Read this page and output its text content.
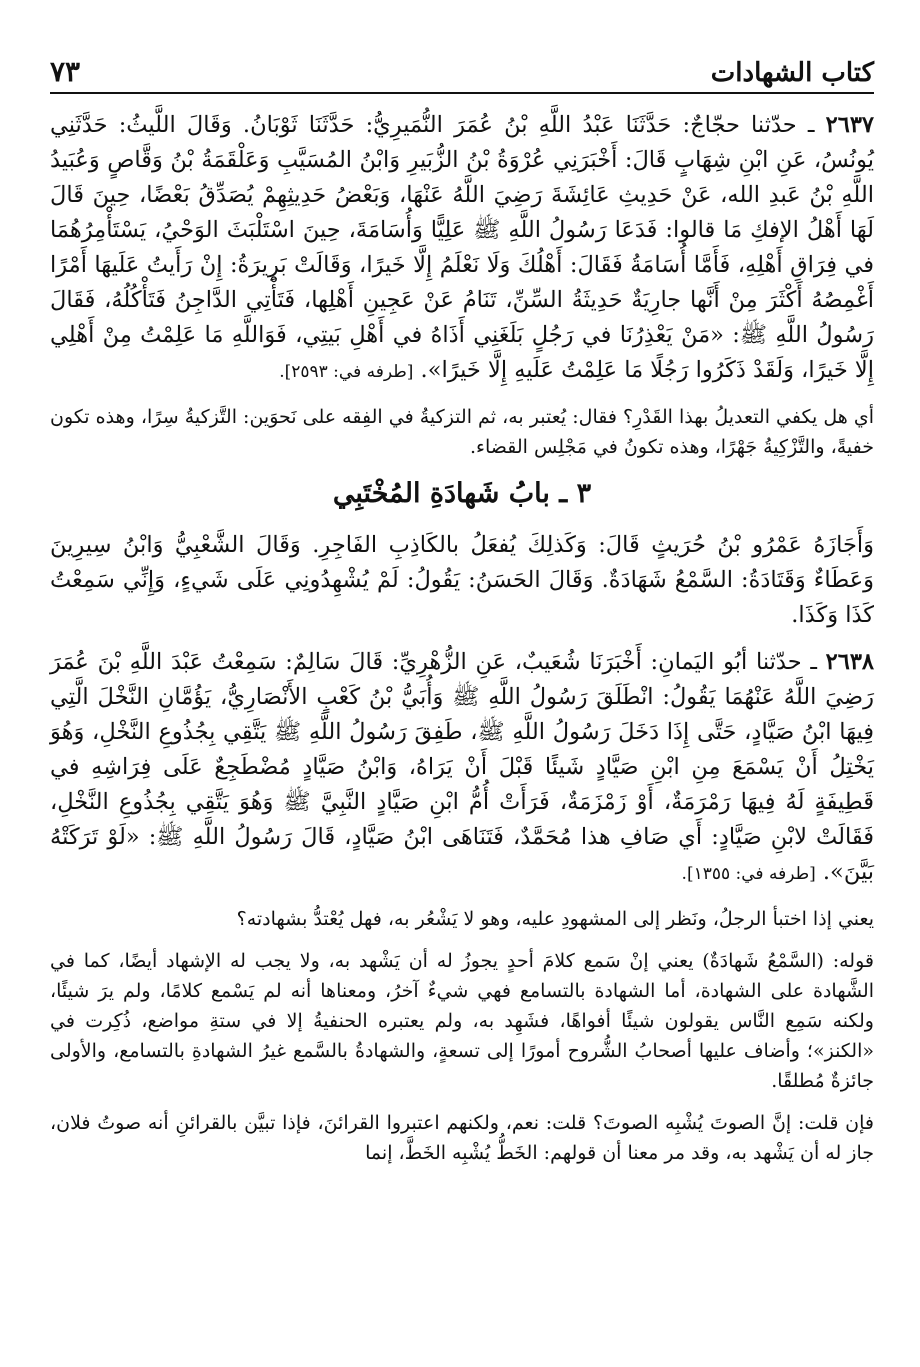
كتاب الشهادات
٧٣

٢٦٣٧ ـ حدّثنا حجّاجٌ: حَدَّثَنَا عَبْدُ اللَّهِ بْنُ عُمَرَ النُّمَيرِيُّ: حَدَّثَنَا ثَوْبَانُ. وَقَالَ اللَّيثُ: حَدَّثَنِي يُونُسُ، عَنِ ابْنِ شِهَابٍ قَالَ: أَخْبَرَنِي عُرْوَةُ بْنُ الزُّبَيرِ وَابْنُ المُسَيَّبِ وَعَلْقَمَةُ بْنُ وَقَّاصٍ وَعُبَيدُ اللَّهِ بْنُ عَبدِ الله، عَنْ حَدِيثِ عَائِشَةَ رَضِيَ اللَّهُ عَنْهَا، وَبَعْضُ حَدِيثِهِمْ يُصَدِّقُ بَعْضًا، حِينَ قَالَ لَهَا أَهْلُ الإفكِ مَا قالوا: فَدَعَا رَسُولُ اللَّهِ ﷺ عَلِيًّا وَأُسَامَةَ، حِينَ اسْتَلْبَثَ الوَحْيُ، يَسْتَأْمِرُهُمَا في فِرَاقِ أَهْلِهِ، فَأَمَّا أُسَامَةُ فَقَالَ: أَهْلُكَ وَلَا نَعْلَمُ إِلَّا خَيرًا، وَقَالَتْ بَرِيرَةُ: إِنْ رَأَيتُ عَلَيهَا أَمْرًا أَغْمِصُهُ أَكْثَرَ مِنْ أَنَّها جارِيَةٌ حَدِيثَةُ السِّنِّ، تَنَامُ عَنْ عَجِينِ أَهْلِها، فَتَأْتِي الدَّاجِنُ فَتَأْكُلُهُ، فَقَالَ رَسُولُ اللَّهِ ﷺ: «مَنْ يَعْذِرُنَا في رَجُلٍ بَلَغَنِي أَذَاهُ في أَهْلِ بَيتِي، فَوَاللَّهِ مَا عَلِمْتُ مِنْ أَهْلِي إِلَّا خَيرًا، وَلَقَدْ ذَكَرُوا رَجُلًا مَا عَلِمْتُ عَلَيهِ إِلَّا خَيرًا». [طرفه في: ٢٥٩٣].

أي هل يكفي التعديلُ بهذا القَدْرِ؟ فقال: يُعتبر به، ثم التزكيةُ في الفِقه على نَحوَين: التَّزكيةُ سِرًا، وهذه تكون خفيةً، والتَّزْكِيةُ جَهْرًا، وهذه تكونُ في مَجْلِس القضاء.

٣ ـ بابُ شَهادَةِ المُخْتَبِي

وَأَجَازَهُ عَمْرُو بْنُ حُرَيثٍ قَالَ: وَكَذلِكَ يُفعَلُ بالكَاذِبِ الفَاجِرِ. وَقَالَ الشَّعْبِيُّ وَابْنُ سِيرِينَ وَعَطَاءٌ وَقَتَادَةُ: السَّمْعُ شَهَادَةٌ. وَقَالَ الحَسَنُ: يَقُولُ: لَمْ يُشْهِدُونِي عَلَى شَيءٍ، وَإِنِّي سَمِعْتُ كَذَا وَكَذَا.

٢٦٣٨ ـ حدّثنا أبُو اليَمانِ: أَخْبَرَنَا شُعَيبٌ، عَنِ الزُّهْرِيِّ: قَالَ سَالِمٌ: سَمِعْتُ عَبْدَ اللَّهِ بْنَ عُمَرَ رَضِيَ اللَّهُ عَنْهُمَا يَقُولُ: انْطَلَقَ رَسُولُ اللَّهِ ﷺ وَأُبَيُّ بْنُ كَعْبٍ الأَنْصَارِيُّ، يَؤُمَّانِ النَّخْلَ الَّتِي فِيهَا ابْنُ صَيَّادٍ، حَتَّى إِذَا دَخَلَ رَسُولُ اللَّهِ ﷺ، طَفِقَ رَسُولُ اللَّهِ ﷺ يَتَّقِي بِجُذُوعِ النَّخْلِ، وَهُوَ يَخْتِلُ أَنْ يَسْمَعَ مِنِ ابْنِ صَيَّادٍ شَيئًا قَبْلَ أَنْ يَرَاهُ، وَابْنُ صَيَّادٍ مُضْطَجِعٌ عَلَى فِرَاشِهِ في قَطِيفَةٍ لَهُ فِيهَا رَمْرَمَةٌ، أَوْ زَمْزَمَةٌ، فَرَأَتْ أُمُّ ابْنِ صَيَّادٍ النَّبِيَّ ﷺ وَهُوَ يَتَّقِي بِجُذُوعِ النَّخْلِ، فَقَالَتْ لابْنِ صَيَّادٍ: أَي صَافِ هذا مُحَمَّدٌ، فَتَنَاهَى ابْنُ صَيَّادٍ، قَالَ رَسُولُ اللَّهِ ﷺ: «لَوْ تَرَكَتْهُ بَيَّنَ». [طرفه في: ١٣٥٥].

يعني إذا اختبأ الرجلُ، ونَظر إلى المشهودِ عليه، وهو لا يَشْعُر به، فهل يُعْتدُّ بشهادته؟

قوله: (السَّمْعُ شَهادَةٌ) يعني إنْ سَمع كلامَ أحدٍ يجوزُ له أن يَشْهد به، ولا يجب له الإشهاد أيضًا، كما في الشَّهادة على الشهادة، أما الشهادة بالتسامع فهي شيءٌ آخرُ، ومعناها أنه لم يَسْمع كلامًا، ولم يرَ شيئًا، ولكنه سَمِع النَّاس يقولون شيئًا أفواهًا، فشَهِد به، ولم يعتبره الحنفيةُ إلا في ستةِ مواضع، ذُكِرت في «الكنز»؛ وأضاف عليها أصحابُ الشُّروح أمورًا إلى تسعةٍ، والشهادةُ بالسَّمع غيرُ الشهادةِ بالتسامع، والأولى جائزةٌ مُطلقًا.

فإن قلت: إنَّ الصوتَ يُشْبِه الصوتَ؟ قلت: نعم، ولكنهم اعتبروا القرائنَ، فإذا تبيَّن بالقرائنِ أنه صوتُ فلان، جاز له أن يَشْهد به، وقد مر معنا أن قولهم: الخَطُّ يُشْبِه الخَطَّ، إنما
